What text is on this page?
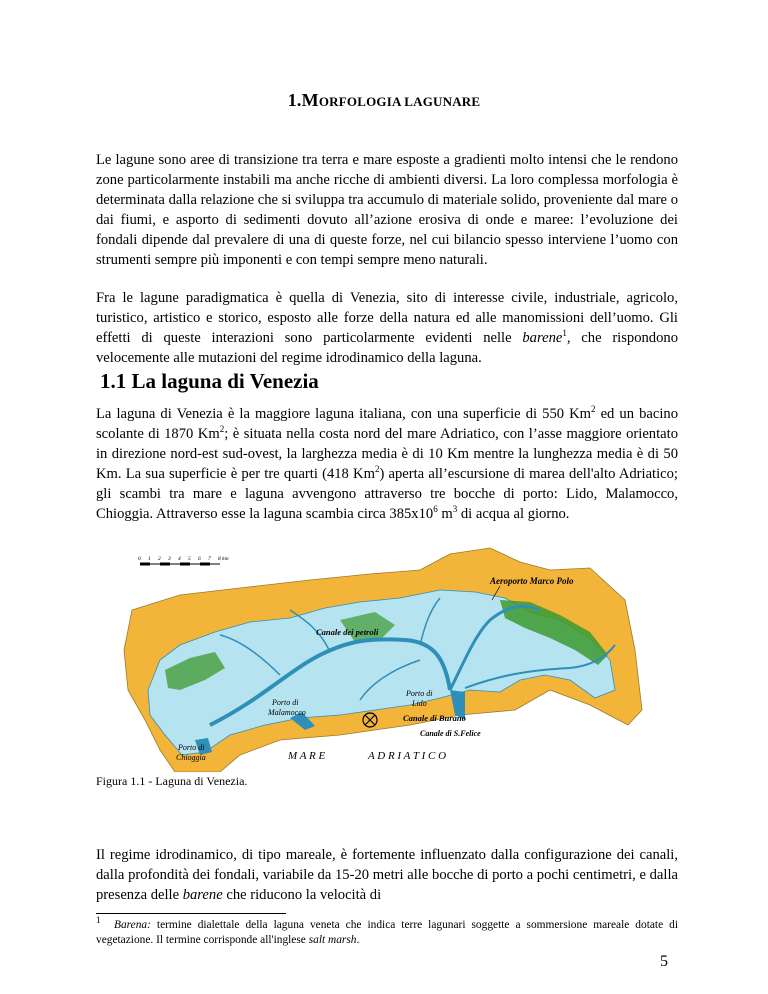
1.MORFOLOGIA LAGUNARE

Le lagune sono aree di transizione tra terra e mare esposte a gradienti molto intensi che le rendono zone particolarmente instabili ma anche ricche di ambienti diversi. La loro complessa morfologia è determinata dalla relazione che si sviluppa tra accumulo di materiale solido, proveniente dal mare o dai fiumi, e asporto di sedimenti dovuto all’azione erosiva di onde e maree: l’evoluzione dei fondali dipende dal prevalere di una di queste forze, nel cui bilancio spesso interviene l’uomo con strumenti sempre più imponenti e con tempi sempre meno naturali.

Fra le lagune paradigmatica è quella di Venezia, sito di interesse civile, industriale, agricolo, turistico, artistico e storico, esposto alle forze della natura ed alle manomissioni dell’uomo. Gli effetti di queste interazioni sono particolarmente evidenti nelle barene$^1$, che rispondono velocemente alle mutazioni del regime idrodinamico della laguna.

1.1 La laguna di Venezia

La laguna di Venezia è la maggiore laguna italiana, con una superficie di 550 Km$^2$ ed un bacino scolante di 1870 Km$^2$; è situata nella costa nord del mare Adriatico, con l’asse maggiore orientato in direzione nord-est sud-ovest, la larghezza media è di 10 Km mentre la lunghezza media è di 50 Km. La sua superficie è per tre quarti (418 Km$^2$) aperta all’escursione di marea dell'alto Adriatico; gli scambi tra mare e laguna avvengono attraverso tre bocche di porto: Lido, Malamocco, Chioggia. Attraverso esse la laguna scambia circa $385x10^6$ $m^3$ di acqua al giorno.

0 1 2 3 4 5 6 7 8 km
Aeroporto Marco Polo
Canale dei petroli
Porto di
Lido
Porto di
Malamocco
Canale di Burano
Canale di S.Felice
Porto di
Chioggia	M A R E	A D R I A T I C O
Figura 1.1 - Laguna di Venezia.

Il regime idrodinamico, di tipo mareale, è fortemente influenzato dalla configurazione dei canali, dalla profondità dei fondali, variabile da 15-20 metri alle bocche di porto a pochi centimetri, e dalla presenza delle barene che riducono la velocità di

$^1$ Barena: termine dialettale della laguna veneta che indica terre lagunari soggette a sommersione mareale dotate di vegetazione. Il termine corrisponde all'inglese salt marsh.

5
